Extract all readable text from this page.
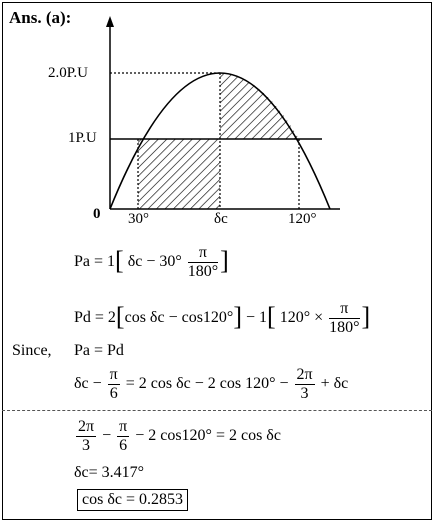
Ans. (a):
2.0P.U
1P.U
0 30°	δc	120°
Pa = 1[ $\delta c - 30^\circ \frac{\pi}{180^\circ}$ ]
Pd = 2[cos δc − cos120°] − 1[ $120^\circ \times \frac{\pi}{180^\circ}$ ]
Since, Pa = Pd
$\delta c - \frac{\pi}{6} = 2$ cos δc − 2 $\cos 120^\circ - \frac{2\pi}{3} + \delta c$
$\frac{2\pi}{3} - \frac{\pi}{6} - 2$ cos120° = 2 cos δc
δc= 3.417°
cos δc = 0.2853
